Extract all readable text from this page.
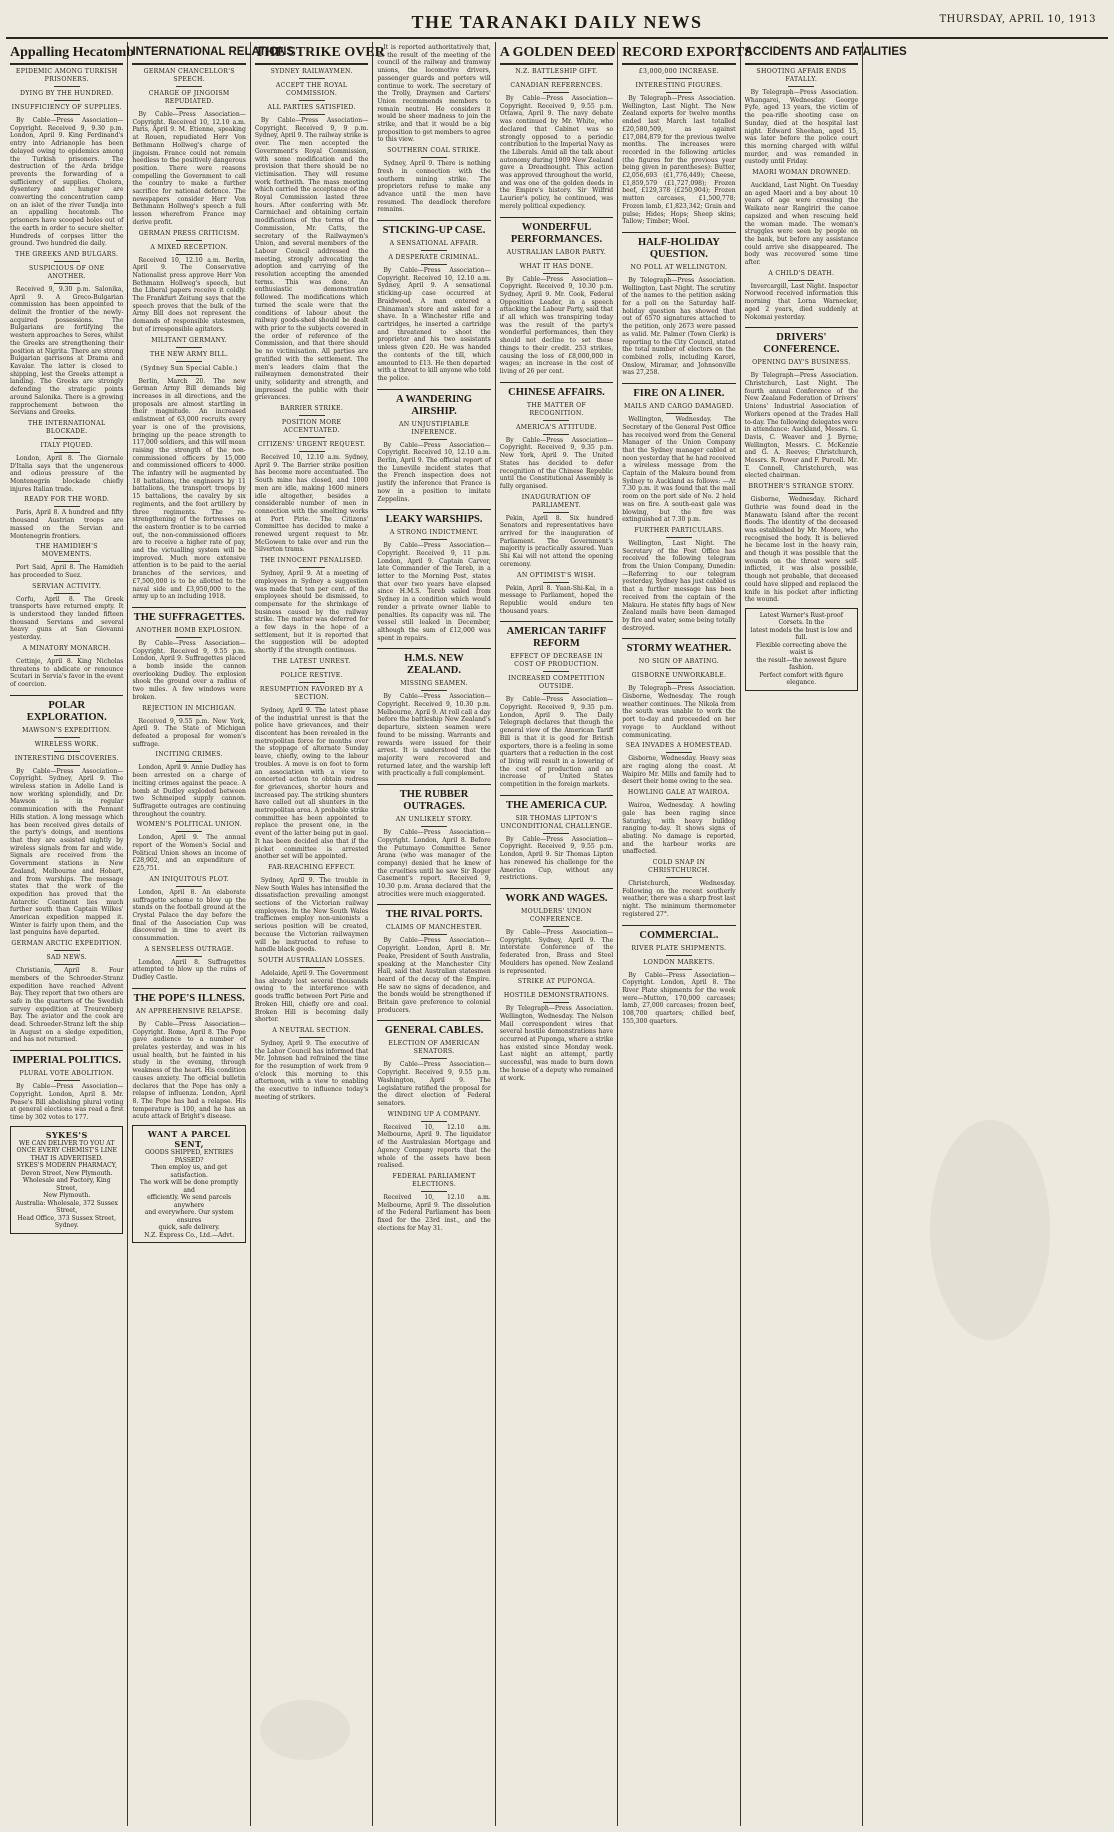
THE TARANAKI DAILY NEWS	THURSDAY, APRIL 10, 1913
Appalling Hecatomb
EPIDEMIC AMONG TURKISH PRISONERS.
DYING BY THE HUNDRED.
INSUFFICIENCY OF SUPPLIES.

By Cable—Press Association—Copyright. Received 9, 9.30 p.m. London, April 9. King Ferdinand's entry into Adrianople has been delayed owing to epidemics among the Turkish prisoners. The destruction of the Arda bridge prevents the forwarding of a sufficiency of supplies. Cholera, dysentery and hunger are converting the concentration camp on an islet of the river Tundja into an appalling hecatomb. The prisoners have scooped holes out of the earth in order to secure shelter. Hundreds of corpses litter the ground. Two hundred die daily.

THE GREEKS AND BULGARS.
SUSPICIOUS OF ONE ANOTHER.

Received 9, 9.30 p.m. Salonika, April 9. A Greco-Bulgarian commission has been appointed to delimit the frontier of the newly-acquired possessions. The Bulgarians are fortifying the western approaches to Seres, whilst the Greeks are strengthening their position at Nigrita. There are strong Bulgarian garrisons at Drama and Kavalar. The latter is closed to shipping, lest the Greeks attempt a landing. The Greeks are strongly defending the strategic points around Salonika. There is a growing rapprochement between the Servians and Greeks.

THE INTERNATIONAL BLOCKADE.
ITALY PIQUED.

London, April 8. The Giornale D'Italia says that the ungenerous and odious pressure of the Montenegrin blockade chiefly injures Italian trade.

READY FOR THE WORD.

Paris, April 8. A hundred and fifty thousand Austrian troops are massed on the Servian and Montenegrin frontiers.

THE HAMIDIEH'S MOVEMENTS.

Port Said, April 8. The Hamidieh has proceeded to Suez.

SERVIAN ACTIVITY.

Corfu, April 8. The Greek transports have returned empty. It is understood they landed fifteen thousand Servians and several heavy guns at San Giovanni yesterday.

A MINATORY MONARCH.

Cettinje, April 8. King Nicholas threatens to abdicate or renounce Scutari in Servia's favor in the event of coercion.

POLAR EXPLORATION.
MAWSON'S EXPEDITION.
WIRELESS WORK.
INTERESTING DISCOVERIES.

By Cable—Press Association—Copyright. Sydney, April 9. The wireless station in Adelie Land is now working splendidly, and Dr. Mawson is in regular communication with the Pennant Hills station. A long message which has been received gives details of the party's doings, and mentions that they are assisted nightly by wireless signals from far and wide. Signals are received from the Government stations in New Zealand, Melbourne and Hobart, and from warships. The message states that the work of the expedition has proved that the Antarctic Continent lies much further south than Captain Wilkes' American expedition mapped it. Winter is fairly upon them, and the last penguins have departed.

GERMAN ARCTIC EXPEDITION.
SAD NEWS.

Christiania, April 8. Four members of the Schroeder-Stranz expedition have reached Advent Bay. They report that two others are safe in the quarters of the Swedish survey expedition at Treurenberg Bay. The aviator and the cook are dead. Schroeder-Stranz left the ship in August on a sledge expedition, and has not returned.

IMPERIAL POLITICS.
PLURAL VOTE ABOLITION.

By Cable—Press Association—Copyright. London, April 8. Mr. Pease's Bill abolishing plural voting at general elections was read a first time by 302 votes to 177.

SYKES'S
WE CAN DELIVER TO YOU AT
ONCE EVERY CHEMIST'S LINE
THAT IS ADVERTISED.
SYKES'S MODERN PHARMACY,
Devon Street, New Plymouth.
Wholesale and Factory, King Street,
New Plymouth.
Australia: Wholesale, 372 Sussex Street,
Head Office, 373 Sussex Street, Sydney.
INTERNATIONAL RELATIONS
GERMAN CHANCELLOR'S SPEECH.
CHARGE OF JINGOISM REPUDIATED.

By Cable—Press Association—Copyright. Received 10, 12.10 a.m. Paris, April 9. M. Etienne, speaking at Rouen, repudiated Herr Von Bethmann Hollweg's charge of jingoism. France could not remain heedless to the positively dangerous position. There were reasons compelling the Government to call the country to make a further sacrifice for national defence. The newspapers consider Herr Von Bethmann Hollweg's speech a full lesson wherefrom France may derive profit.

GERMAN PRESS CRITICISM.
A MIXED RECEPTION.

Received 10, 12.10 a.m. Berlin, April 9. The Conservative Nationalist press approve Herr Von Bethmann Hollweg's speech, but the Liberal papers receive it coldly. The Frankfurt Zeitung says that the speech proves that the bulk of the Army Bill does not represent the demands of responsible statesmen, but of irresponsible agitators.

MILITANT GERMANY.
THE NEW ARMY BILL.
(Sydney Sun Special Cable.)

Berlin, March 20. The new German Army Bill demands big increases in all directions, and the proposals are almost startling in their magnitude. An increased enlistment of 63,000 recruits every year is one of the provisions, bringing up the peace strength to 117,000 soldiers, and this will mean raising the strength of the non-commissioned officers by 15,000 and commissioned officers to 4000. The infantry will be augmented by 18 battalions, the engineers by 11 battalions, the transport troops by 15 battalions, the cavalry by six regiments, and the foot artillery by three regiments. The re-strengthening of the fortresses on the eastern frontier is to be carried out, the non-commissioned officers are to receive a higher rate of pay, and the victualling system will be improved. Much more extensive attention is to be paid to the aerial branches of the services, and £7,500,000 is to be allotted to the naval side and £3,950,000 to the army up to an including 1918.

THE SUFFRAGETTES.
ANOTHER BOMB EXPLOSION.

By Cable—Press Association—Copyright. Received 9, 9.55 p.m. London, April 9. Suffragettes placed a bomb inside the cannon overlooking Dudley. The explosion shook the ground over a radius of two miles. A few windows were broken.

REJECTION IN MICHIGAN.

Received 9, 9.55 p.m. New York, April 9. The State of Michigan defeated a proposal for women's suffrage.

INCITING CRIMES.

London, April 9. Annie Dudley has been arrested on a charge of inciting crimes against the peace. A bomb at Dudley exploded between two Schmeiped supply cannon. Suffragette outrages are continuing throughout the country.

WOMEN'S POLITICAL UNION.

London, April 9. The annual report of the Women's Social and Political Union shows an income of £28,902, and an expenditure of £25,751.

AN INIQUITOUS PLOT.

London, April 8. An elaborate suffragette scheme to blow up the stands on the football ground at the Crystal Palace the day before the final of the Association Cup was discovered in time to avert its consummation.

A SENSELESS OUTRAGE.

London, April 8. Suffragettes attempted to blow up the ruins of Dudley Castle.

THE POPE'S ILLNESS.
AN APPREHENSIVE RELAPSE.

By Cable—Press Association—Copyright. Rome, April 8. The Pope gave audience to a number of prelates yesterday, and was in his usual health, but he fainted in his study in the evening, through weakness of the heart. His condition causes anxiety. The official bulletin declares that the Pope has only a relapse of influenza. London, April 8. The Pope has had a relapse. His temperature is 100, and he has an acute attack of Bright's disease.

WANT A PARCEL SENT,
GOODS SHIPPED, ENTRIES PASSED?
Then employ us, and get satisfaction.
The work will be done promptly and
efficiently. We send parcels anywhere
and everywhere. Our system ensures
quick, safe delivery.
N.Z. Express Co., Ltd.—Advt.
THE STRIKE OVER
SYDNEY RAILWAYMEN.
ACCEPT THE ROYAL COMMISSION.
ALL PARTIES SATISFIED.

By Cable—Press Association—Copyright. Received 9, 9 p.m. Sydney, April 9. The railway strike is over. The men accepted the Government's Royal Commission, with some modification and the provision that there should be no victimisation. They will resume work forthwith. The mass meeting which carried the acceptance of the Royal Commission lasted three hours. After conferring with Mr. Carmichael and obtaining certain modifications of the terms of the Commission, Mr. Catts, the secretary of the Railwaymen's Union, and several members of the Labour Council addressed the meeting, strongly advocating the adoption and carrying of the resolution accepting the amended terms. This was done. An enthusiastic demonstration followed. The modifications which turned the scale were that the conditions of labour about the railway goods-shed should be dealt with prior to the subjects covered in the order of reference of the Commission, and that there should be no victimisation. All parties are gratified with the settlement. The men's leaders claim that the railwaymen demonstrated their unity, solidarity and strength, and impressed the public with their grievances.

BARRIER STRIKE.
POSITION MORE ACCENTUATED.
CITIZENS' URGENT REQUEST.

Received 10, 12.10 a.m. Sydney, April 9. The Barrier strike position has become more accentuated. The South mine has closed, and 1000 men are idle, making 1600 miners idle altogether, besides a considerable number of men in connection with the smelting works at Port Pirie. The Citizens' Committee has decided to make a renewed urgent request to Mr. McGowen to take over and run the Silverton trams.

THE INNOCENT PENALISED.

Sydney, April 9. At a meeting of employees in Sydney a suggestion was made that ten per cent. of the employees should be dismissed, to compensate for the shrinkage of business caused by the railway strike. The matter was deferred for a few days in the hope of a settlement, but it is reported that the suggestion will be adopted shortly if the strength continues.

THE LATEST UNREST.
POLICE RESTIVE.
RESUMPTION FAVORED BY A SECTION.

Sydney, April 9. The latest phase of the industrial unrest is that the police have grievances, and their discontent has been revealed in the metropolitan force for months over the stoppage of alternate Sunday leave, chiefly, owing to the labour troubles. A move is on foot to form an association with a view to concerted action to obtain redress for grievances, shorter hours and increased pay. The striking shunters have called out all shunters in the metropolitan area. A probable strike committee has been appointed to replace the present one, in the event of the latter being put in gaol. It has been decided also that if the picket committee is arrested another set will be appointed.

FAR-REACHING EFFECT.

Sydney, April 9. The trouble in New South Wales has intensified the dissatisfaction prevailing amongst sections of the Victorian railway employees. In the New South Wales trafficmen employ non-unionists a serious position will be created, because the Victorian railwaymen will be instructed to refuse to handle black goods.

SOUTH AUSTRALIAN LOSSES.

Adelaide, April 9. The Government has already lost several thousands owing to the interference with goods traffic between Port Pirie and Broken Hill, chiefly ore and coal. Broken Hill is becoming daily shorter.

A NEUTRAL SECTION.

Sydney, April 9. The executive of the Labor Council has informed that Mr. Johnson had refrained the time for the resumption of work from 9 o'clock this morning to this afternoon, with a view to enabling the executive to influence today's meeting of strikers.

It is reported authoritatively that, as the result of the meeting of the council of the railway and tramway unions, the locomotive drivers, passenger guards and porters will continue to work. The secretary of the Trolly, Draymen and Carters' Union recommends members to remain neutral. He considers it would be sheer madness to join the strike, and that it would be a big proposition to get members to agree to this view.

SOUTHERN COAL STRIKE.

Sydney, April 9. There is nothing fresh in connection with the southern mining strike. The proprietors refuse to make any advance until the men have resumed. The deadlock therefore remains.

STICKING-UP CASE.
A SENSATIONAL AFFAIR.
A DESPERATE CRIMINAL.

By Cable—Press Association—Copyright. Received 10, 12.10 a.m. Sydney, April 9. A sensational sticking-up case occurred at Braidwood. A man entered a Chinaman's store and asked for a shave. In a Winchester rifle and cartridges, he inserted a cartridge and threatened to shoot the proprietor and his two assistants unless given £20. He was handed the contents of the till, which amounted to £13. He then departed with a threat to kill anyone who told the police.

A WANDERING AIRSHIP.
AN UNJUSTIFIABLE INFERENCE.

By Cable—Press Association—Copyright. Received 10, 12.10 a.m. Berlin, April 9. The official report of the Luneville incident states that the French inspection does not justify the inference that France is now in a position to imitate Zeppelins.

LEAKY WARSHIPS.
A STRONG INDICTMENT.

By Cable—Press Association—Copyright. Received 9, 11 p.m. London, April 9. Captain Carver, late Commander of the Tereb, in a letter to the Morning Post, states that over two years have elapsed since H.M.S. Tereb sailed from Sydney in a condition which would render a private owner liable to penalties. Its capacity was nil. The vessel still leaked in December, although the sum of £12,000 was spent in repairs.

H.M.S. NEW ZEALAND.
MISSING SEAMEN.

By Cable—Press Association—Copyright. Received 9, 10.30 p.m. Melbourne, April 9. At roll call a day before the battleship New Zealand's departure, sixteen seamen were found to be missing. Warrants and rewards were issued for their arrest. It is understood that the majority were recovered and returned later, and the warship left with practically a full complement.

THE RUBBER OUTRAGES.
AN UNLIKELY STORY.

By Cable—Press Association—Copyright. London, April 8. Before the Putumayo Committee Senor Arana (who was manager of the company) denied that he knew of the cruelties until he saw Sir Roger Casement's report. Received 9, 10.30 p.m. Arana declared that the atrocities were much exaggerated.

THE RIVAL PORTS.
CLAIMS OF MANCHESTER.

By Cable—Press Association—Copyright. London, April 8. Mr. Peake, President of South Australia, speaking at the Manchester City Hall, said that Australian statesmen heard of the decay of the Empire. He saw no signs of decadence, and the bonds would be strengthened if Britain gave preference to colonial producers.

GENERAL CABLES.
ELECTION OF AMERICAN SENATORS.

By Cable—Press Association—Copyright. Received 9, 9.55 p.m. Washington, April 9. The Legislature ratified the proposal for the direct election of Federal senators.

WINDING UP A COMPANY.

Received 10, 12.10 a.m. Melbourne, April 9. The liquidator of the Australasian Mortgage and Agency Company reports that the whole of the assets have been realised.

FEDERAL PARLIAMENT ELECTIONS.

Received 10, 12.10 a.m. Melbourne, April 9. The dissolution of the Federal Parliament has been fixed for the 23rd inst., and the elections for May 31.

A GOLDEN DEED
N.Z. BATTLESHIP GIFT.
CANADIAN REFERENCES.

By Cable—Press Association—Copyright. Received 9, 9.55 p.m. Ottawa, April 9. The navy debate was continued by Mr. White, who declared that Cabinet was so strongly opposed to a periodic contribution to the Imperial Navy as the Liberals. Amid all the talk about autonomy during 1909 New Zealand gave a Dreadnought. This action was approved throughout the world, and was one of the golden deeds in the Empire's history. Sir Wilfrid Laurier's policy, he continued, was merely political expediency.

WONDERFUL PERFORMANCES.
AUSTRALIAN LABOR PARTY.
WHAT IT HAS DONE.

By Cable—Press Association—Copyright. Received 9, 10.30 p.m. Sydney, April 9. Mr. Cook, Federal Opposition Leader, in a speech attacking the Labour Party, said that if all which was transpiring today was the result of the party's wonderful performances, then they should not decline to set these things to their credit. 253 strikes, causing the loss of £8,000,000 in wages; an increase in the cost of living of 26 per cent.

CHINESE AFFAIRS.
THE MATTER OF RECOGNITION.
AMERICA'S ATTITUDE.

By Cable—Press Association—Copyright. Received 9, 9.35 p.m. New York, April 9. The United States has decided to defer recognition of the Chinese Republic until the Constitutional Assembly is fully organised.

INAUGURATION OF PARLIAMENT.

Pekin, April 8. Six hundred Senators and representatives have arrived for the inauguration of Parliament. The Government's majority is practically assured. Yuan Shi Kai will not attend the opening ceremony.

AN OPTIMIST'S WISH.

Pekin, April 8. Yuan-Shi-Kai, in a message to Parliament, hoped the Republic would endure ten thousand years.

AMERICAN TARIFF REFORM
EFFECT OF DECREASE IN COST OF PRODUCTION.
INCREASED COMPETITION OUTSIDE.

By Cable—Press Association—Copyright. Received 9, 9.35 p.m. London, April 9. The Daily Telegraph declares that though the general view of the American Tariff Bill is that it is good for British exporters, there is a feeling in some quarters that a reduction in the cost of living will result in a lowering of the cost of production and an increase of United States competition in the foreign markets.

THE AMERICA CUP.
SIR THOMAS LIPTON'S UNCONDITIONAL CHALLENGE.

By Cable—Press Association—Copyright. Received 9, 9.55 p.m. London, April 9. Sir Thomas Lipton has renewed his challenge for the America Cup, without any restrictions.

WORK AND WAGES.
MOULDERS' UNION CONFERENCE.

By Cable—Press Association—Copyright. Sydney, April 9. The interstate Conference of the federated Iron, Brass and Steel Moulders has opened. New Zealand is represented.

STRIKE AT PUPONGA.
HOSTILE DEMONSTRATIONS.

By Telegraph—Press Association. Wellington, Wednesday. The Nelson Mail correspondent wires that several hostile demonstrations have occurred at Puponga, where a strike has existed since Monday week. Last night an attempt, partly successful, was made to burn down the house of a deputy who remained at work.

RECORD EXPORTS
£3,000,000 INCREASE.
INTERESTING FIGURES.

By Telegraph—Press Association. Wellington, Last Night. The New Zealand exports for twelve months ended last March last totalled £20,580,509, as against £17,084,879 for the previous twelve months. The increases were recorded in the following articles (the figures for the previous year being given in parentheses): Butter, £2,056,693 (£1,776,449); Cheese, £1,859,579 (£1,727,098); Frozen beef, £129,378 (£250,904); Frozen mutton carcases, £1,500,778; Frozen lamb, £1,823,342; Grain and pulse; Hides; Hops; Sheep skins; Tallow; Timber; Wool.

HALF-HOLIDAY QUESTION.
NO POLL AT WELLINGTON.

By Telegraph—Press Association. Wellington, Last Night. The scrutiny of the names to the petition asking for a poll on the Saturday half-holiday question has showed that out of 6570 signatures attached to the petition, only 2673 were passed as valid. Mr. Palmer (Town Clerk) is reporting to the City Council, stated the total number of electors on the combined rolls, including Karori, Onslow, Miramar, and Johnsonville was 27,258.

FIRE ON A LINER.
MAILS AND CARGO DAMAGED.

Wellington, Wednesday. The Secretary of the General Post Office has received word from the General Manager of the Union Company that the Sydney manager cabled at noon yesterday that he had received a wireless message from the Captain of the Makura bound from Sydney to Auckland as follows: —At 7.30 p.m. it was found that the mail room on the port side of No. 2 hold was on fire. A south-east gale was blowing, but the fire was extinguished at 7.30 p.m.

FURTHER PARTICULARS.

Wellington, Last Night. The Secretary of the Post Office has received the following telegram from the Union Company, Dunedin: —Referring to our telegram yesterday, Sydney has just cabled us that a further message has been received from the captain of the Makura. He states fifty bags of New Zealand mails have been damaged by fire and water, some being totally destroyed.

STORMY WEATHER.
NO SIGN OF ABATING.
GISBORNE UNWORKABLE.

By Telegraph—Press Association. Gisborne, Wednesday. The rough weather continues. The Nikola from the south was unable to work the port to-day and proceeded on her voyage to Auckland without communicating.

SEA INVADES A HOMESTEAD.

Gisborne, Wednesday. Heavy seas are raging along the coast. At Waipiro Mr. Mills and family had to desert their home owing to the sea.

HOWLING GALE AT WAIROA.

Wairoa, Wednesday. A howling gale has been raging since Saturday, with heavy bulldog ranging to-day. It shows signs of abating. No damage is reported, and the harbour works are unaffected.

COLD SNAP IN CHRISTCHURCH.

Christchurch, Wednesday. Following on the recent southerly weather, there was a sharp frost last night. The minimum thermometer registered 27°.

COMMERCIAL.
RIVER PLATE SHIPMENTS.
LONDON MARKETS.

By Cable—Press Association—Copyright. London, April 8. The River Plate shipments for the week were—Mutton, 170,000 carcases; lamb, 27,000 carcases; frozen beef, 108,700 quarters; chilled beef, 155,300 quarters.

ACCIDENTS AND FATALITIES
SHOOTING AFFAIR ENDS FATALLY.

By Telegraph—Press Association. Whangarei, Wednesday. George Fyfe, aged 13 years, the victim of the pea-rifle shooting case on Sunday, died at the hospital last night. Edward Sheehan, aged 15, was later before the police court this morning charged with wilful murder, and was remanded in custody until Friday.

MAORI WOMAN DROWNED.

Auckland, Last Night. On Tuesday an aged Maori and a boy about 10 years of age were crossing the Waikato near Rangiriri the canoe capsized and when rescuing held the woman made. The woman's struggles were seen by people on the bank, but before any assistance could arrive she disappeared. The body was recovered some time after.

A CHILD'S DEATH.

Invercargill, Last Night. Inspector Norwood received information this morning that Lorna Warnecker, aged 2 years, died suddenly at Nokomai yesterday.

DRIVERS' CONFERENCE.
OPENING DAY'S BUSINESS.

By Telegraph—Press Association. Christchurch, Last Night. The fourth annual Conference of the New Zealand Federation of Drivers' Unions' Industrial Association of Workers opened at the Trades Hall to-day. The following delegates were in attendance: Auckland, Messrs. G. Davis, C. Weaver and J. Byrne; Wellington, Messrs. C. McKenzie and G. A. Reeves; Christchurch, Messrs. R. Power and F. Purcell. Mr. T. Connell, Christchurch, was elected chairman.

BROTHER'S STRANGE STORY.

Gisborne, Wednesday. Richard Guthrie was found dead in the Manawatu Island after the recent floods. The identity of the deceased was established by Mr. Moore, who recognised the body. It is believed he became lost in the heavy rain, and though it was possible that the wounds on the throat were self-inflicted, it was also possible, though not probable, that deceased could have slipped and replaced the knife in his pocket after inflicting the wound.

Latest Warner's Rust-proof Corsets. In the
latest models the bust is low and full.
Flexible correcting above the waist is
the result—the newest figure fashion.
Perfect comfort with figure elegance.
